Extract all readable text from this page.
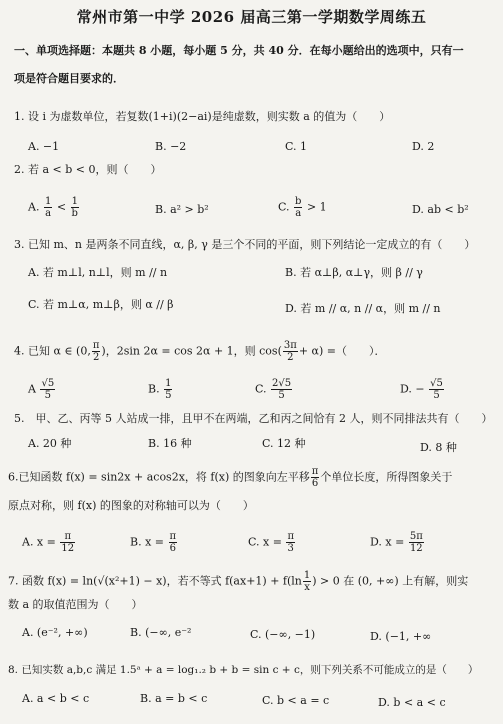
常州市第一中学 2026 届高三第一学期数学周练五
一、单项选择题：本题共 8 小题，每小题 5 分，共 40 分．在每小题给出的选项中，只有一
项是符合题目要求的．
1. 设 i 为虚数单位，若复数(1+i)(2−ai)是纯虚数，则实数 a 的值为（　　）
A. −1	B. −2	C. 1	D. 2
2. 若 a < b < 0，则（　　）
A. $\frac{1}{a} < \frac{1}{b}$	B. a² > b²	C. $\frac{b}{a} > 1$	D. ab < b²
3. 已知 m、n 是两条不同直线，α, β, γ 是三个不同的平面，则下列结论一定成立的有（　　）
A. 若 m⊥l, n⊥l，则 m // n	B. 若 α⊥β, α⊥γ，则 β // γ
C. 若 m⊥α, m⊥β，则 α // β	D. 若 m // α, n // α，则 m // n
4. 已知 α ∈ (0, $\frac{\pi}{2}$ )，2sin 2α = cos 2α + 1，则 $\cos( \frac{3\pi}{2} + \alpha)$ =（　　）．
A $\frac{√5}{5}$	B. $\frac{1}{5}$	C. $\frac{2√5}{5}$	D. − $\frac{√5}{5}$
5.　甲、乙、丙等 5 人站成一排，且甲不在两端，乙和丙之间恰有 2 人，则不同排法共有（　　）
A. 20 种	B. 16 种	C. 12 种	D. 8 种
6.已知函数 f(x) = sin2x + acos2x，将 f(x) 的图象向左平移 $\frac{\pi}{6}$ 个单位长度，所得图象关于
原点对称，则 f(x) 的图象的对称轴可以为（　　）
A. $x = \frac{\pi}{12}$	B. $x = \frac{\pi}{6}$	C. $x = \frac{\pi}{3}$	D. $x = \frac{5\pi}{12}$
7. 函数 f(x) = ln(√(x²+1) − x)，若不等式 $f(ax+1) + f(\ln \frac{1}{x}$ ) > 0 在 (0, +∞) 上有解，则实
数 a 的取值范围为（　　）
A. (e⁻², +∞)	B. (−∞, e⁻²	C. (−∞, −1)	D. (−1, +∞
8. 已知实数 a,b,c 满足 1.5ᵃ + a = log₁.₂ b + b = sin c + c，则下列关系不可能成立的是（　　）
A. a < b < c	B. a = b < c	C. b < a = c	D. b < a < c
